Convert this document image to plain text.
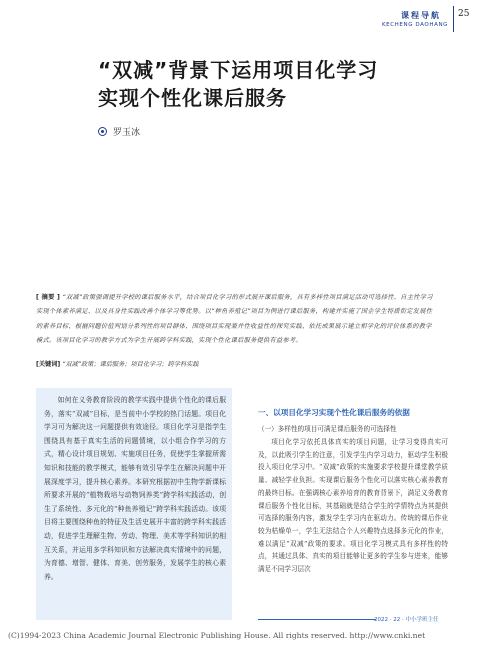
课程导航
KECHENG DAOHANG
25
“双减”背景下运用项目化学习
实现个性化课后服务
罗玉冰
[ 摘要 ] “双减”政策强调提升学校的课后服务水平，结合项目化学习的形式展开课后服务，具有多样性项目满足活动可选择性、自主性学习实现个体素养满足、以及具身性实践改善个体学习等优势。以“种鱼养殖记”项目为例进行课后服务，构建并实施了国企学生特质衔定发展性的素养目标、根据问题价值判划分系列性的项目群体、围绕项目实现兼并性收益性的探究实践、依托成果展示建立相学化的评价体系的教学模式。该项目化学习的教学方式为学生开展跨学科实践，实现个性化课后服务提供有益参考。
[关键词] “双减”政策；课后服务；项目化学习；跨学科实践
如何在义务教育阶段的教学实践中提供个性化的课后服务，落实“双减”目标，是当前中小学校的热门话题。项目化学习可为解决这一问题提供有效途径。项目化学习是指学生围绕具有基于真实生活的问题情境，以小组合作学习的方式，精心设计项目规划、实施项目任务，促使学生掌握所需知识和技能的教学模式，能够有效引导学生在解决问题中开展深度学习，提升核心素养。本研究根据初中生物学新课标所要求开展的“植物栽培与动物饲养类”跨学科实践活动，创生了系统性、多元化的“种鱼养殖记”跨学科实践活动。该项目将主要围绕种鱼的特征及生活史展开丰富的跨学科实践活动，促进学生理解生物、劳动、物理、美术等学科知识的相互关系，并运用多学科知识和方法解决真实情境中的问题，为育德、增智、健体、育美、创劳服务，发展学生的核心素养。
一、以项目化学习实现个性化课后服务的依据
（一）多样性的项目可满足课后服务的可选择性
项目化学习依托具体真实的项目问题，让学习变得真实可及，以此吸引学生的注意，引发学生内学习动力，驱动学生积极投入项目化学习中。“双减”政策的实施要求学校提升课堂教学质量、减轻学业负担。实现课后服务个性化可以落实核心素养教育的最终目标。在强调核心素养培育的教育背景下，满足义务教育课后服务个性化目标，其基础就是结合学生的学情特点为其提供可选择的服务内容，激发学生学习内在驱动力。传统的课后作业较为枯燥单一，学生无法结合个人兴趣特点选择多元化的作业，难以满足“双减”政策的要求。项目化学习模式具有多样性的特点，其通过具体、真实的项目能够让更多的学生参与进来，能够满足不同学习层次
2022 · 22 · 中小学班主任
(C)1994-2023 China Academic Journal Electronic Publishing House. All rights reserved. http://www.cnki.net
